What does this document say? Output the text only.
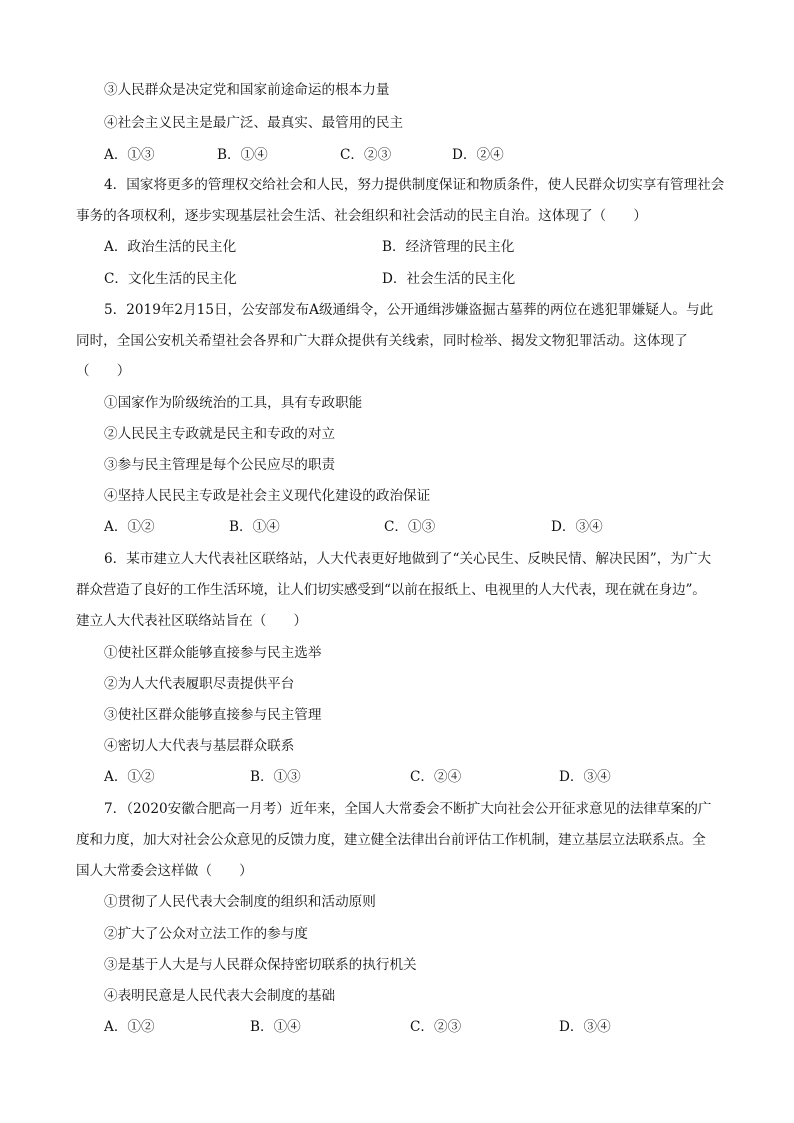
③人民群众是决定党和国家前途命运的根本力量
④社会主义民主是最广泛、最真实、最管用的民主
A．①③	B．①④	C．②③	D．②④
4．国家将更多的管理权交给社会和人民，努力提供制度保证和物质条件，使人民群众切实享有管理社会
事务的各项权利，逐步实现基层社会生活、社会组织和社会活动的民主自治。这体现了（　　）
A．政治生活的民主化	B．经济管理的民主化
C．文化生活的民主化	D．社会生活的民主化
5．2019年2月15日，公安部发布A级通缉令，公开通缉涉嫌盗掘古墓葬的两位在逃犯罪嫌疑人。与此
同时，全国公安机关希望社会各界和广大群众提供有关线索，同时检举、揭发文物犯罪活动。这体现了
（　　）
①国家作为阶级统治的工具，具有专政职能
②人民民主专政就是民主和专政的对立
③参与民主管理是每个公民应尽的职责
④坚持人民民主专政是社会主义现代化建设的政治保证
A．①②	B．①④	C．①③	D．③④
6．某市建立人大代表社区联络站，人大代表更好地做到了“关心民生、反映民情、解决民困”，为广大
群众营造了良好的工作生活环境，让人们切实感受到“以前在报纸上、电视里的人大代表，现在就在身边”。
建立人大代表社区联络站旨在（　　）
①使社区群众能够直接参与民主选举
②为人大代表履职尽责提供平台
③使社区群众能够直接参与民主管理
④密切人大代表与基层群众联系
A．①②	B．①③	C．②④	D．③④
7．（2020安徽合肥高一月考）近年来，全国人大常委会不断扩大向社会公开征求意见的法律草案的广
度和力度，加大对社会公众意见的反馈力度，建立健全法律出台前评估工作机制，建立基层立法联系点。全
国人大常委会这样做（　　）
①贯彻了人民代表大会制度的组织和活动原则
②扩大了公众对立法工作的参与度
③是基于人大是与人民群众保持密切联系的执行机关
④表明民意是人民代表大会制度的基础
A．①②	B．①④	C．②③	D．③④
